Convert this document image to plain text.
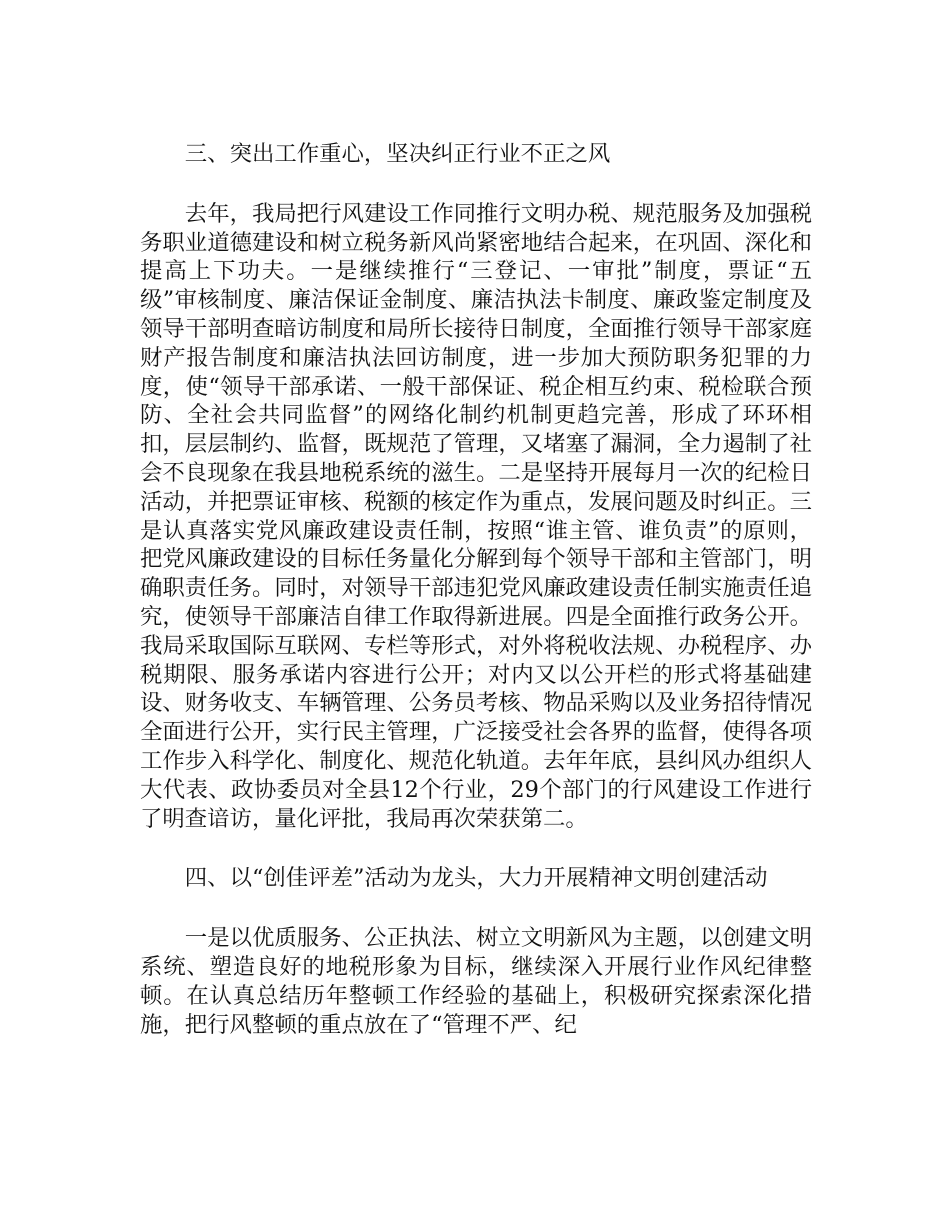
三、突出工作重心，坚决纠正行业不正之风

去年，我局把行风建设工作同推行文明办税、规范服务及加强税务职业道德建设和树立税务新风尚紧密地结合起来，在巩固、深化和提高上下功夫。一是继续推行“三登记、一审批”制度，票证“五级”审核制度、廉洁保证金制度、廉洁执法卡制度、廉政鉴定制度及领导干部明查暗访制度和局所长接待日制度，全面推行领导干部家庭财产报告制度和廉洁执法回访制度，进一步加大预防职务犯罪的力度，使“领导干部承诺、一般干部保证、税企相互约束、税检联合预防、全社会共同监督”的网络化制约机制更趋完善，形成了环环相扣，层层制约、监督，既规范了管理，又堵塞了漏洞，全力遏制了社会不良现象在我县地税系统的滋生。二是坚持开展每月一次的纪检日活动，并把票证审核、税额的核定作为重点，发展问题及时纠正。三是认真落实党风廉政建设责任制，按照“谁主管、谁负责”的原则，把党风廉政建设的目标任务量化分解到每个领导干部和主管部门，明确职责任务。同时，对领导干部违犯党风廉政建设责任制实施责任追究，使领导干部廉洁自律工作取得新进展。四是全面推行政务公开。我局采取国际互联网、专栏等形式，对外将税收法规、办税程序、办税期限、服务承诺内容进行公开；对内又以公开栏的形式将基础建设、财务收支、车辆管理、公务员考核、物品采购以及业务招待情况全面进行公开，实行民主管理，广泛接受社会各界的监督，使得各项工作步入科学化、制度化、规范化轨道。去年年底，县纠风办组织人大代表、政协委员对全县12个行业，29个部门的行风建设工作进行了明查谙访，量化评批，我局再次荣获第二。

四、以“创佳评差”活动为龙头，大力开展精神文明创建活动

一是以优质服务、公正执法、树立文明新风为主题，以创建文明系统、塑造良好的地税形象为目标，继续深入开展行业作风纪律整顿。在认真总结历年整顿工作经验的基础上，积极研究探索深化措施，把行风整顿的重点放在了“管理不严、纪
